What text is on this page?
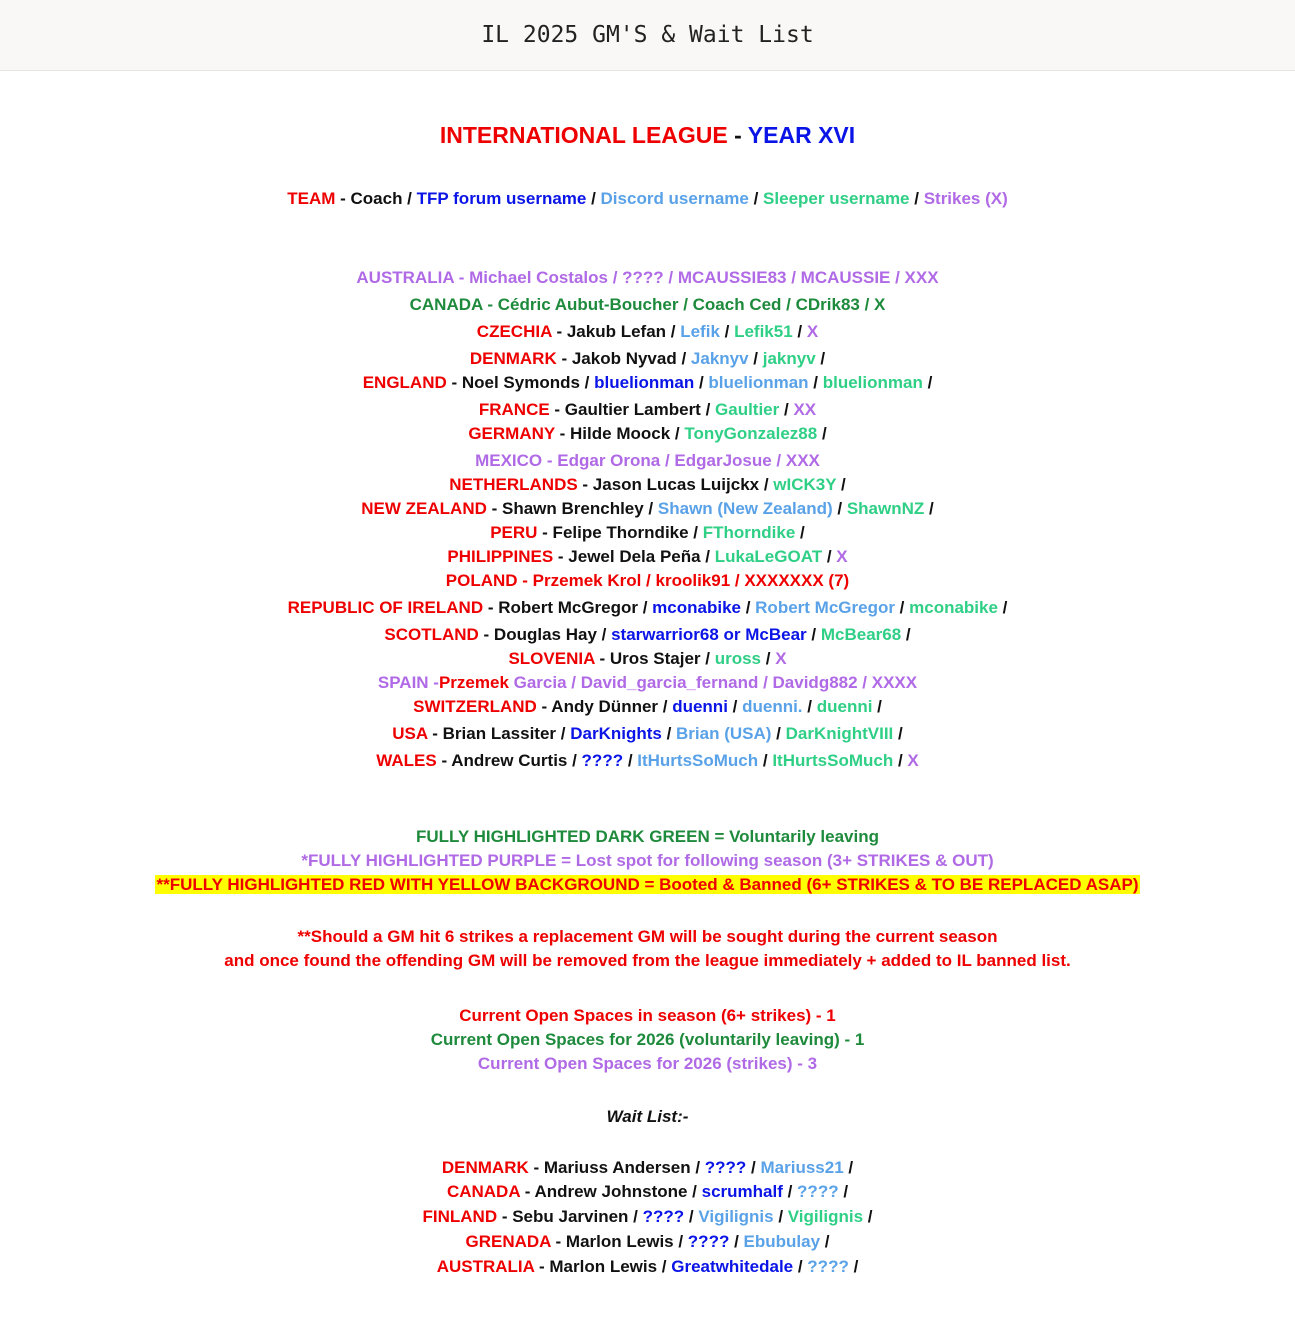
IL 2025 GM'S & Wait List
INTERNATIONAL LEAGUE - YEAR XVI
TEAM - Coach / TFP forum username / Discord username / Sleeper username / Strikes (X)
AUSTRALIA - Michael Costalos / ???? / MCAUSSIE83 / MCAUSSIE / XXX
CANADA - Cédric Aubut-Boucher / Coach Ced / CDrik83 / X
CZECHIA - Jakub Lefan / Lefik / Lefik51 / X
DENMARK - Jakob Nyvad / Jaknyv / jaknyv /
ENGLAND - Noel Symonds / bluelionman / bluelionman / bluelionman /
FRANCE - Gaultier Lambert / Gaultier / XX
GERMANY - Hilde Moock / TonyGonzalez88 /
MEXICO - Edgar Orona / EdgarJosue / XXX
NETHERLANDS - Jason Lucas Luijckx / wICK3Y /
NEW ZEALAND - Shawn Brenchley / Shawn (New Zealand) / ShawnNZ /
PERU - Felipe Thorndike / FThorndike /
PHILIPPINES - Jewel Dela Peña / LukaLeGOAT / X
POLAND - Przemek Krol / kroolik91 / XXXXXXX (7)
REPUBLIC OF IRELAND - Robert McGregor / mconabike / Robert McGregor / mconabike /
SCOTLAND - Douglas Hay / starwarrior68 or McBear / McBear68 /
SLOVENIA - Uros Stajer / uross / X
SPAIN -Przemek Garcia / David_garcia_fernand / Davidg882 / XXXX
SWITZERLAND - Andy Dünner / duenni / duenni. / duenni /
USA - Brian Lassiter / DarKnights / Brian (USA) / DarKnightVIII /
WALES - Andrew Curtis / ???? / ItHurtsSoMuch / ItHurtsSoMuch / X
FULLY HIGHLIGHTED DARK GREEN = Voluntarily leaving
*FULLY HIGHLIGHTED PURPLE = Lost spot for following season (3+ STRIKES & OUT)
**FULLY HIGHLIGHTED RED WITH YELLOW BACKGROUND = Booted & Banned (6+ STRIKES & TO BE REPLACED ASAP)
**Should a GM hit 6 strikes a replacement GM will be sought during the current season
and once found the offending GM will be removed from the league immediately + added to IL banned list.
Current Open Spaces in season (6+ strikes) - 1
Current Open Spaces for 2026 (voluntarily leaving) - 1
Current Open Spaces for 2026 (strikes) - 3
Wait List:-
DENMARK - Mariuss Andersen / ???? / Mariuss21 /
CANADA - Andrew Johnstone / scrumhalf / ???? /
FINLAND - Sebu Jarvinen / ???? / Vigilignis / Vigilignis /
GRENADA - Marlon Lewis / ???? / Ebubulay /
AUSTRALIA - Marlon Lewis / Greatwhitedale / ???? /
